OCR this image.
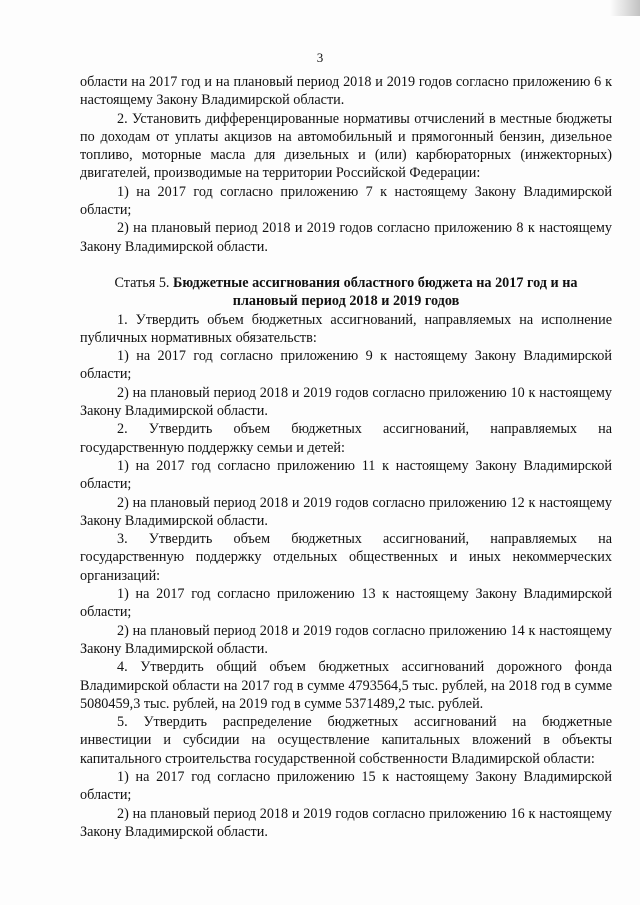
3

области на 2017 год и на плановый период 2018 и 2019 годов согласно приложению 6 к настоящему Закону Владимирской области.

2. Установить дифференцированные нормативы отчислений в местные бюджеты по доходам от уплаты акцизов на автомобильный и прямогонный бензин, дизельное топливо, моторные масла для дизельных и (или) карбюраторных (инжекторных) двигателей, производимые на территории Российской Федерации:

1) на 2017 год согласно приложению 7 к настоящему Закону Владимирской области;

2) на плановый период 2018 и 2019 годов согласно приложению 8 к настоящему Закону Владимирской области.

Статья 5. Бюджетные ассигнования областного бюджета на 2017 год и на плановый период 2018 и 2019 годов

1. Утвердить объем бюджетных ассигнований, направляемых на исполнение публичных нормативных обязательств:

1) на 2017 год согласно приложению 9 к настоящему Закону Владимирской области;

2) на плановый период 2018 и 2019 годов согласно приложению 10 к настоящему Закону Владимирской области.

2. Утвердить объем бюджетных ассигнований, направляемых на государственную поддержку семьи и детей:

1) на 2017 год согласно приложению 11 к настоящему Закону Владимирской области;

2) на плановый период 2018 и 2019 годов согласно приложению 12 к настоящему Закону Владимирской области.

3. Утвердить объем бюджетных ассигнований, направляемых на государственную поддержку отдельных общественных и иных некоммерческих организаций:

1) на 2017 год согласно приложению 13 к настоящему Закону Владимирской области;

2) на плановый период 2018 и 2019 годов согласно приложению 14 к настоящему Закону Владимирской области.

4. Утвердить общий объем бюджетных ассигнований дорожного фонда Владимирской области на 2017 год в сумме 4793564,5 тыс. рублей, на 2018 год в сумме 5080459,3 тыс. рублей, на 2019 год в сумме 5371489,2 тыс. рублей.

5. Утвердить распределение бюджетных ассигнований на бюджетные инвестиции и субсидии на осуществление капитальных вложений в объекты капитального строительства государственной собственности Владимирской области:

1) на 2017 год согласно приложению 15 к настоящему Закону Владимирской области;

2) на плановый период 2018 и 2019 годов согласно приложению 16 к настоящему Закону Владимирской области.
